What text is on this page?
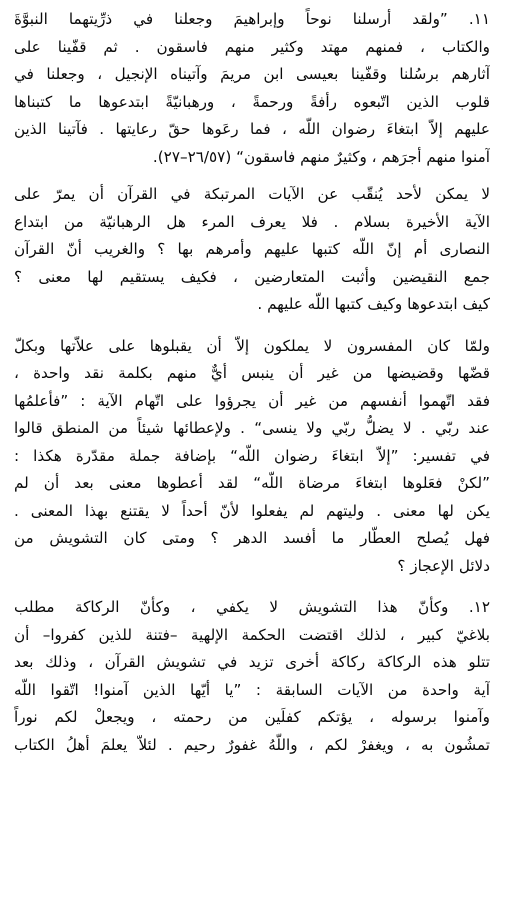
١١. ”ولقد أرسلنا نوحاً وإبراهيمَ وجعلنا في ذرِّيتهما النبوَّةَ
والكتاب ، فمنهم مهتد وكثير منهم فاسقون . ثم قفّينا على
آثارهم برسُلنا وقفّينا بعيسى ابن مريمَ وآتيناه الإنجيل ، وجعلنا في
قلوب الذين اتّبعوه رأفةً ورحمةً ، ورهبانيّةً ابتدعوها ما كتبناها
عليهم إلاّ ابتغاءَ رضوان اللّه ، فما رعَوها حقّ رعايتها . فآتينا الذين
آمنوا منهم أجرَهم ، وكثيرٌ منهم فاسقون“ (٢٦/٥٧–٢٧).
لا يمكن لأحد يُنقّب عن الآيات المرتبكة في القرآن أن يمرّ على
الآية الأخيرة بسلام . فلا يعرف المرء هل الرهبانيّة من ابتداع
النصارى أم إنّ اللّه كتبها عليهم وأمرهم بها ؟ والغريب أنّ القرآن
جمع النقيضين وأثبت المتعارضين ، فكيف يستقيم لها معنى ؟
كيف ابتدعوها وكيف كتبها اللّه عليهم .
ولمّا كان المفسرون لا يملكون إلاّ أن يقبلوها على علاّتها وبكلّ
قضّها وقضيضها من غير أن ينبس أيٌّ منهم بكلمة نقد واحدة ،
فقد اتّهموا أنفسهم من غير أن يجرؤوا على اتّهام الآية : ”فأعلمُها
عند ربّي . لا يضلُّ ربّي ولا ينسى“ . ولإعطائها شيئاً من المنطق قالوا
في تفسير: ”إلاّ ابتغاءَ رضوان اللّه“ بإضافة جملة مقدّرة هكذا :
”لكنْ فعَلوها ابتغاءَ مرضاة اللّه“ لقد أعطوها معنى بعد أن لم
يكن لها معنى . وليتهم لم يفعلوا لأنّ أحداً لا يقتنع بهذا المعنى .
فهل يُصلح العطّار ما أفسد الدهر ؟ ومتى كان التشويش من
دلائل الإعجاز ؟
١٢. وكأنّ هذا التشويش لا يكفي ، وكأنّ الركاكة مطلب
بلاغيّ كبير ، لذلك اقتضت الحكمة الإلهية –فتنة للذين كفروا– أن
تتلو هذه الركاكة ركاكة أخرى تزيد في تشويش القرآن ، وذلك بعد
آية واحدة من الآيات السابقة : ”يا أيّها الذين آمنوا! اتّقوا اللّه
وآمنوا برسوله ، يؤتكم كفلَين من رحمته ، ويجعلْ لكم نوراً
تمشُون به ، ويغفرْ لكم ، واللّهُ غفورٌ رحيم . لئلاّ يعلمَ أهلُ الكتاب
